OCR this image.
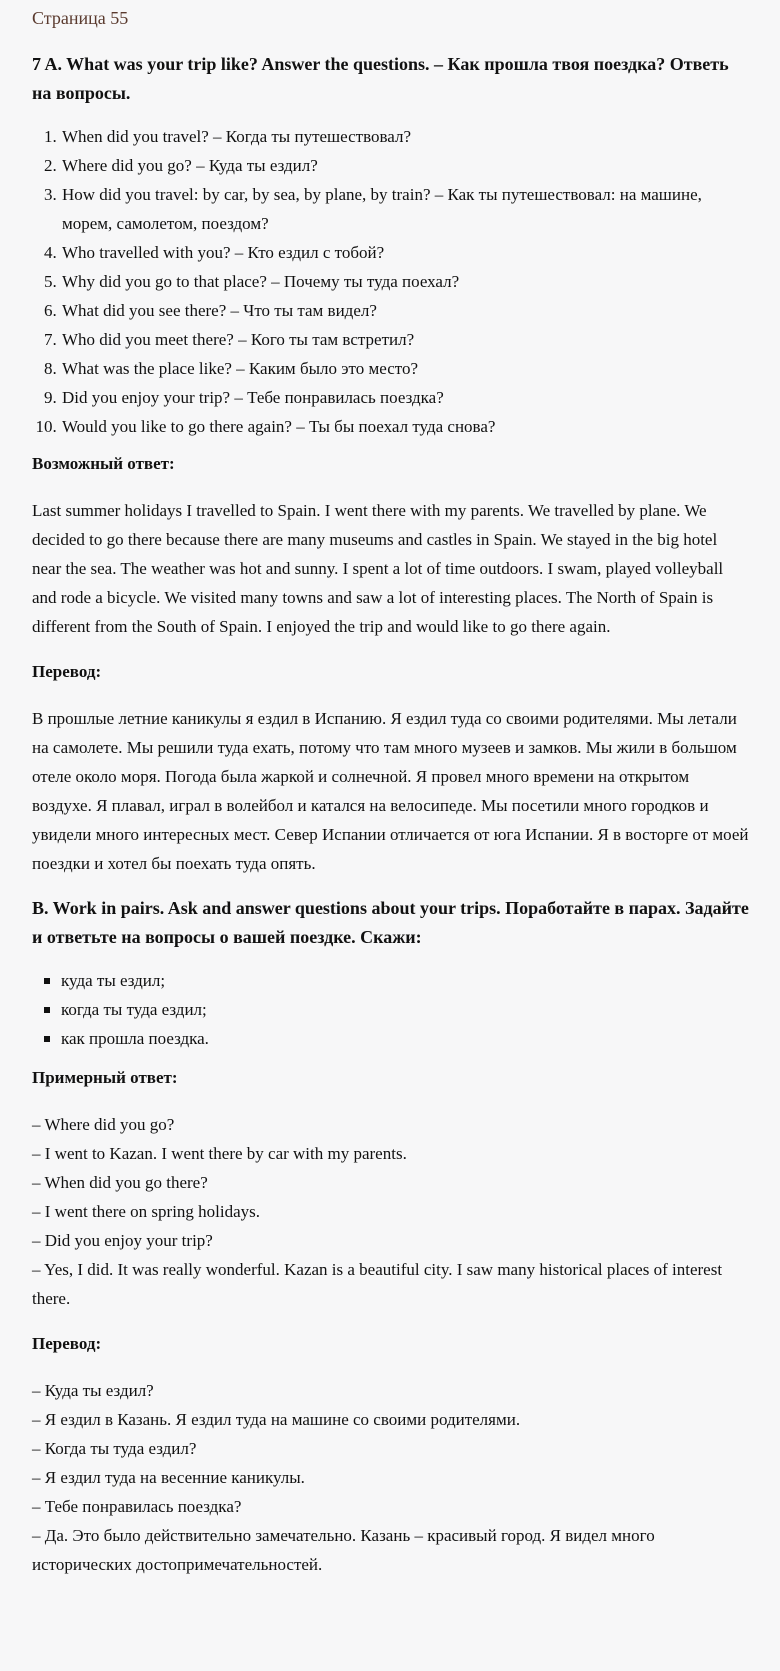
Страница 55
7 A. What was your trip like? Answer the questions. – Как прошла твоя поездка? Ответь на вопросы.
1. When did you travel? – Когда ты путешествовал?
2. Where did you go? – Куда ты ездил?
3. How did you travel: by car, by sea, by plane, by train? – Как ты путешествовал: на машине, морем, самолетом, поездом?
4. Who travelled with you? – Кто ездил с тобой?
5. Why did you go to that place? – Почему ты туда поехал?
6. What did you see there? – Что ты там видел?
7. Who did you meet there? – Кого ты там встретил?
8. What was the place like? – Каким было это место?
9. Did you enjoy your trip? – Тебе понравилась поездка?
10. Would you like to go there again? – Ты бы поехал туда снова?
Возможный ответ:
Last summer holidays I travelled to Spain. I went there with my parents. We travelled by plane. We decided to go there because there are many museums and castles in Spain. We stayed in the big hotel near the sea. The weather was hot and sunny. I spent a lot of time outdoors. I swam, played volleyball and rode a bicycle. We visited many towns and saw a lot of interesting places. The North of Spain is different from the South of Spain. I enjoyed the trip and would like to go there again.
Перевод:
В прошлые летние каникулы я ездил в Испанию. Я ездил туда со своими родителями. Мы летали на самолете. Мы решили туда ехать, потому что там много музеев и замков. Мы жили в большом отеле около моря. Погода была жаркой и солнечной. Я провел много времени на открытом воздухе. Я плавал, играл в волейбол и катался на велосипеде. Мы посетили много городков и увидели много интересных мест. Север Испании отличается от юга Испании. Я в восторге от моей поездки и хотел бы поехать туда опять.
B. Work in pairs. Ask and answer questions about your trips. Поработайте в парах. Задайте и ответьте на вопросы о вашей поездке. Скажи:
куда ты ездил;
когда ты туда ездил;
как прошла поездка.
Примерный ответ:
– Where did you go?
– I went to Kazan. I went there by car with my parents.
– When did you go there?
– I went there on spring holidays.
– Did you enjoy your trip?
– Yes, I did. It was really wonderful. Kazan is a beautiful city. I saw many historical places of interest there.
Перевод:
– Куда ты ездил?
– Я ездил в Казань. Я ездил туда на машине со своими родителями.
– Когда ты туда ездил?
– Я ездил туда на весенние каникулы.
– Тебе понравилась поездка?
– Да. Это было действительно замечательно. Казань – красивый город. Я видел много исторических достопримечательностей.
